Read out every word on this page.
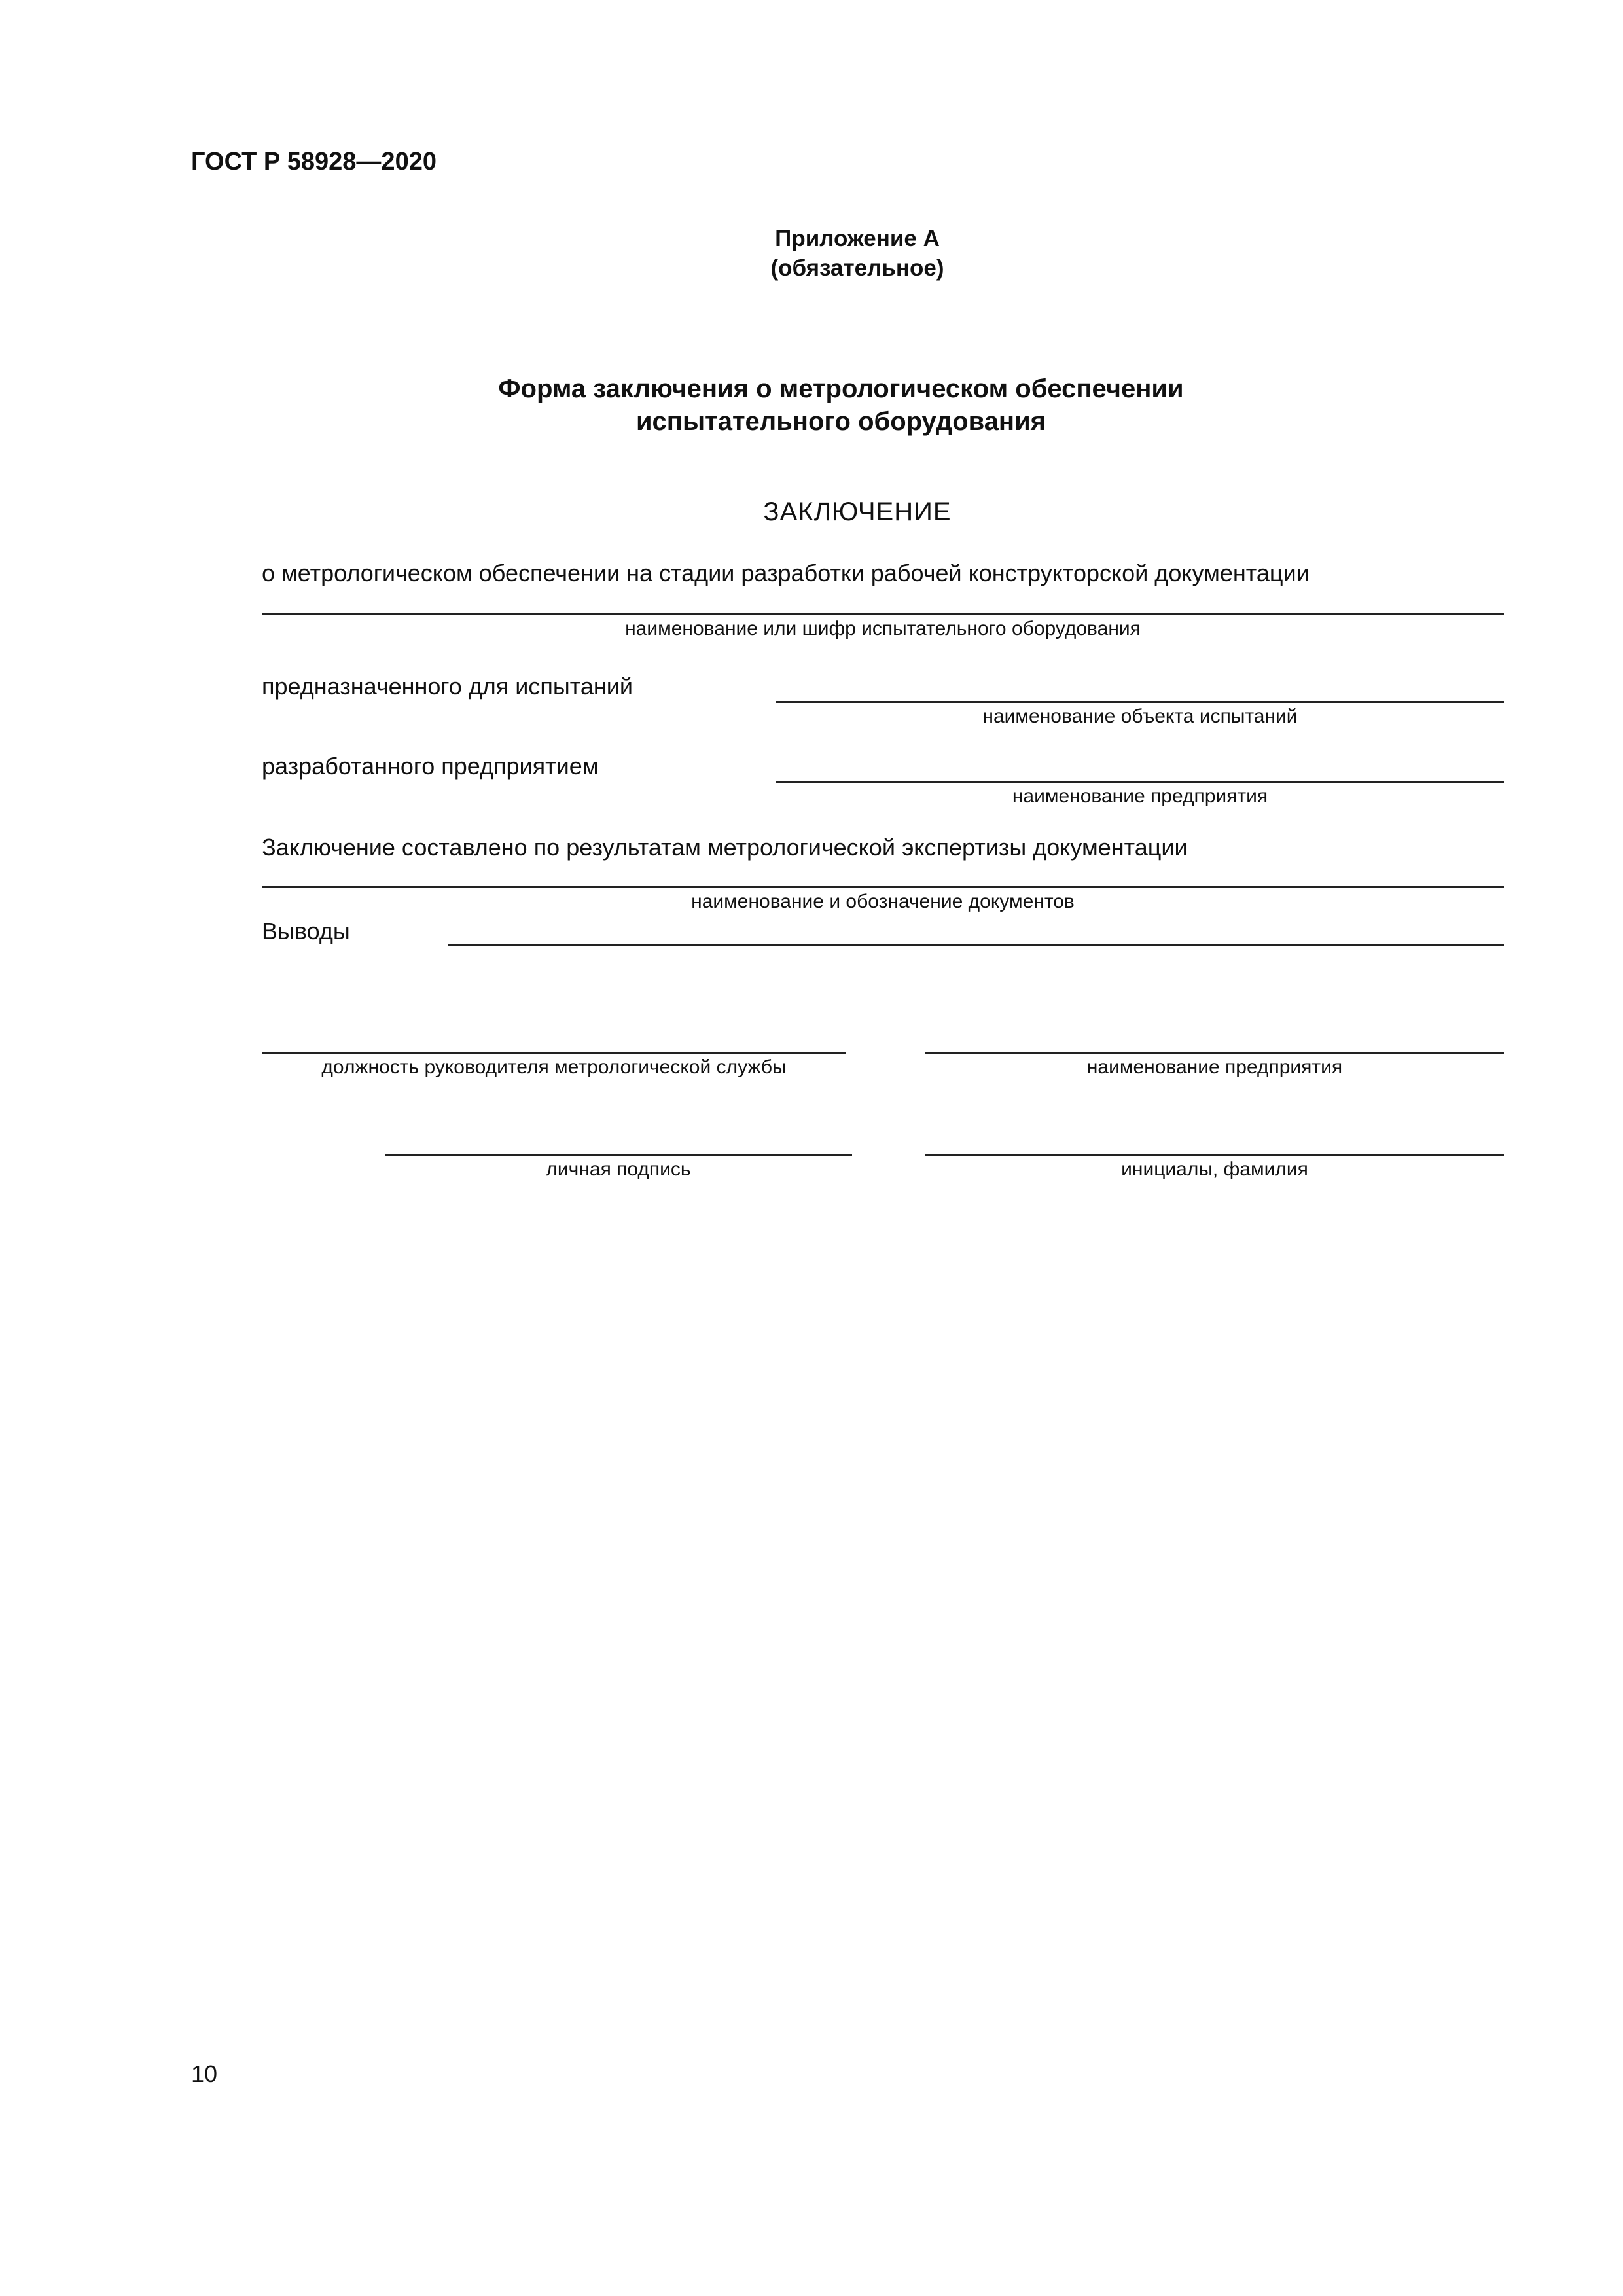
ГОСТ Р 58928—2020
Приложение А
(обязательное)
Форма заключения о метрологическом обеспечении
испытательного оборудования
ЗАКЛЮЧЕНИЕ
о метрологическом обеспечении на стадии разработки рабочей конструкторской документации
наименование или шифр испытательного оборудования
предназначенного для испытаний
наименование объекта испытаний
разработанного предприятием
наименование предприятия
Заключение составлено по результатам метрологической экспертизы документации
наименование и обозначение документов
Выводы
должность руководителя метрологической службы	наименование предприятия
личная подпись	инициалы, фамилия
10
